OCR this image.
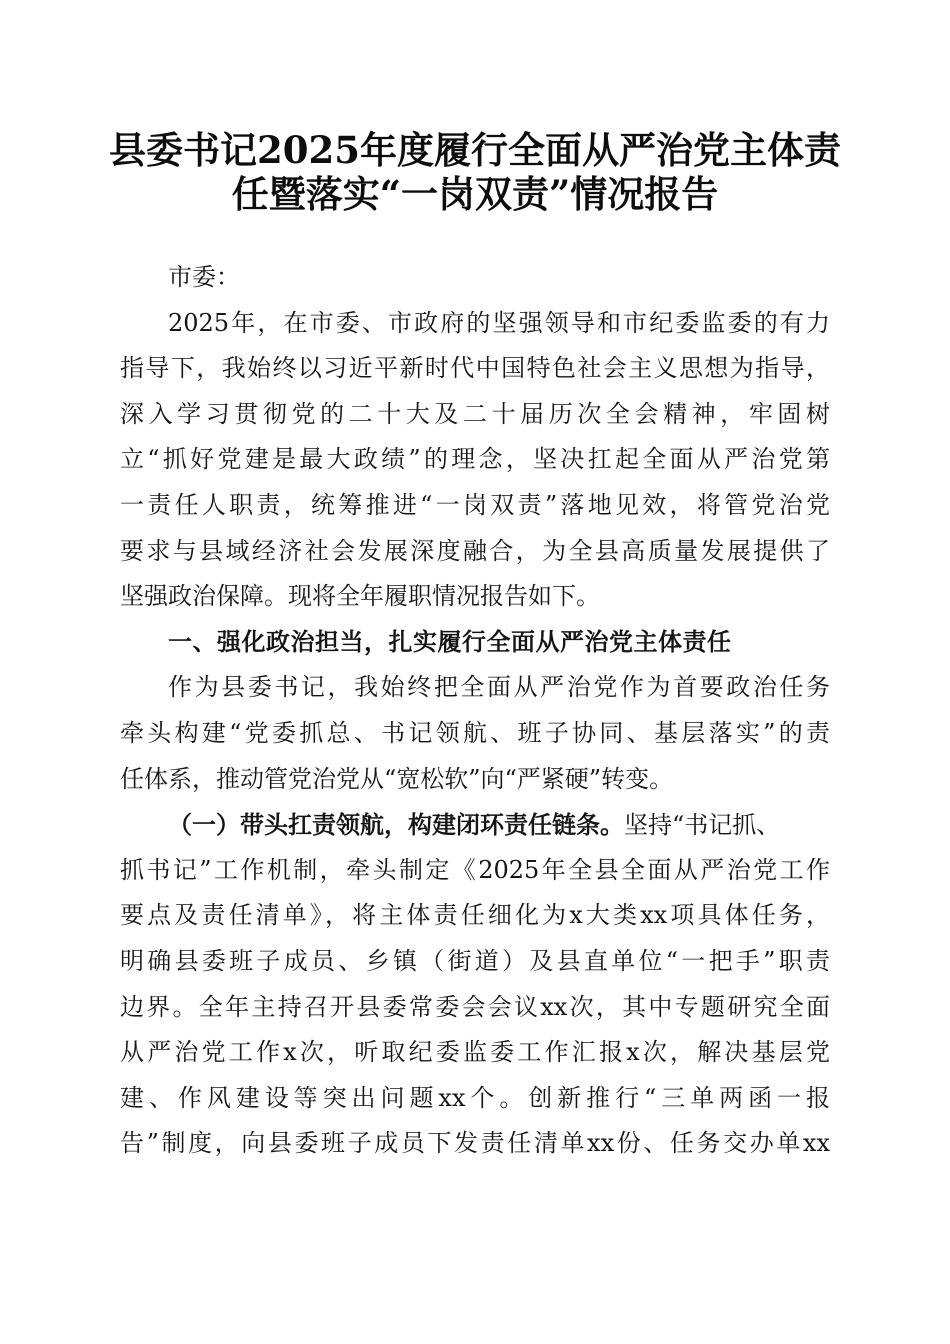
县委书记2025年度履行全面从严治党主体责
任暨落实“一岗双责”情况报告
市委：
2025年，在市委、市政府的坚强领导和市纪委监委的有力
指导下，我始终以习近平新时代中国特色社会主义思想为指导，
深入学习贯彻党的二十大及二十届历次全会精神，牢固树
立“抓好党建是最大政绩”的理念，坚决扛起全面从严治党第
一责任人职责，统筹推进“一岗双责”落地见效，将管党治党
要求与县域经济社会发展深度融合，为全县高质量发展提供了
坚强政治保障。现将全年履职情况报告如下。
一、强化政治担当，扎实履行全面从严治党主体责任
作为县委书记，我始终把全面从严治党作为首要政治任务
牵头构建“党委抓总、书记领航、班子协同、基层落实”的责
任体系，推动管党治党从“宽松软”向“严紧硬”转变。
（一）带头扛责领航，构建闭环责任链条。坚持“书记抓、
抓书记”工作机制，牵头制定《2025年全县全面从严治党工作
要点及责任清单》，将主体责任细化为x大类xx项具体任务，
明确县委班子成员、乡镇（街道）及县直单位“一把手”职责
边界。全年主持召开县委常委会会议xx次，其中专题研究全面
从严治党工作x次，听取纪委监委工作汇报x次，解决基层党
建、作风建设等突出问题xx个。创新推行“三单两函一报
告”制度，向县委班子成员下发责任清单xx份、任务交办单xx
